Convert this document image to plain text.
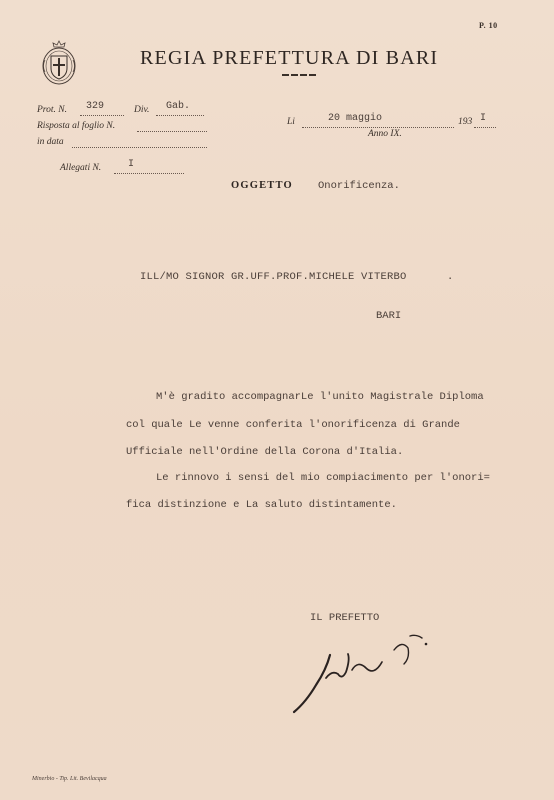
P. 10
REGIA PREFETTURA DI BARI
Prot. N. 329	Div. Gab.
Risposta al foglio N.
in data
Allegati N.	I
Li	20 maggio	193 I
Anno IX.
OGGETTO Onorificenza.
ILL/MO SIGNOR GR.UFF.PROF.MICHELE VITERBO	.
BARI
M'è gradito accompagnarLe l'unito Magistrale Diploma
col quale Le venne conferita l'onorificenza di Grande
Ufficiale nell'Ordine della Corona d'Italia.
Le rinnovo i sensi del mio compiacimento per l'onori=
fica distinzione e La saluto distintamente.
IL PREFETTO
Minerbio - Tip. Lit. Bevilacqua
